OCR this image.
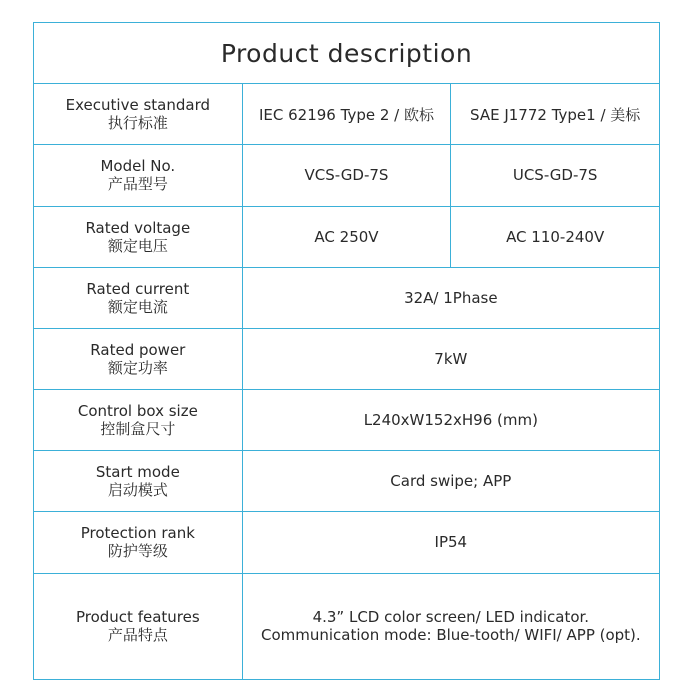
Product description		

Executive standard
执行标准	IEC 62196 Type 2 / 欧标	SAE J1772 Type1 / 美标

Model No.
产品型号	VCS-GD-7S	UCS-GD-7S

Rated voltage
额定电压	AC 250V	AC 110-240V

Rated current
额定电流	32A/ 1Phase	

Rated power
额定功率	7kW	

Control box size
控制盒尺寸	L240xW152xH96 (mm)	

Start mode
启动模式	Card swipe; APP	

Protection rank
防护等级	IP54	

Product features
产品特点	4.3” LCD color screen/ LED indicator.
Communication mode: Blue-tooth/ WIFI/ APP (opt).	
